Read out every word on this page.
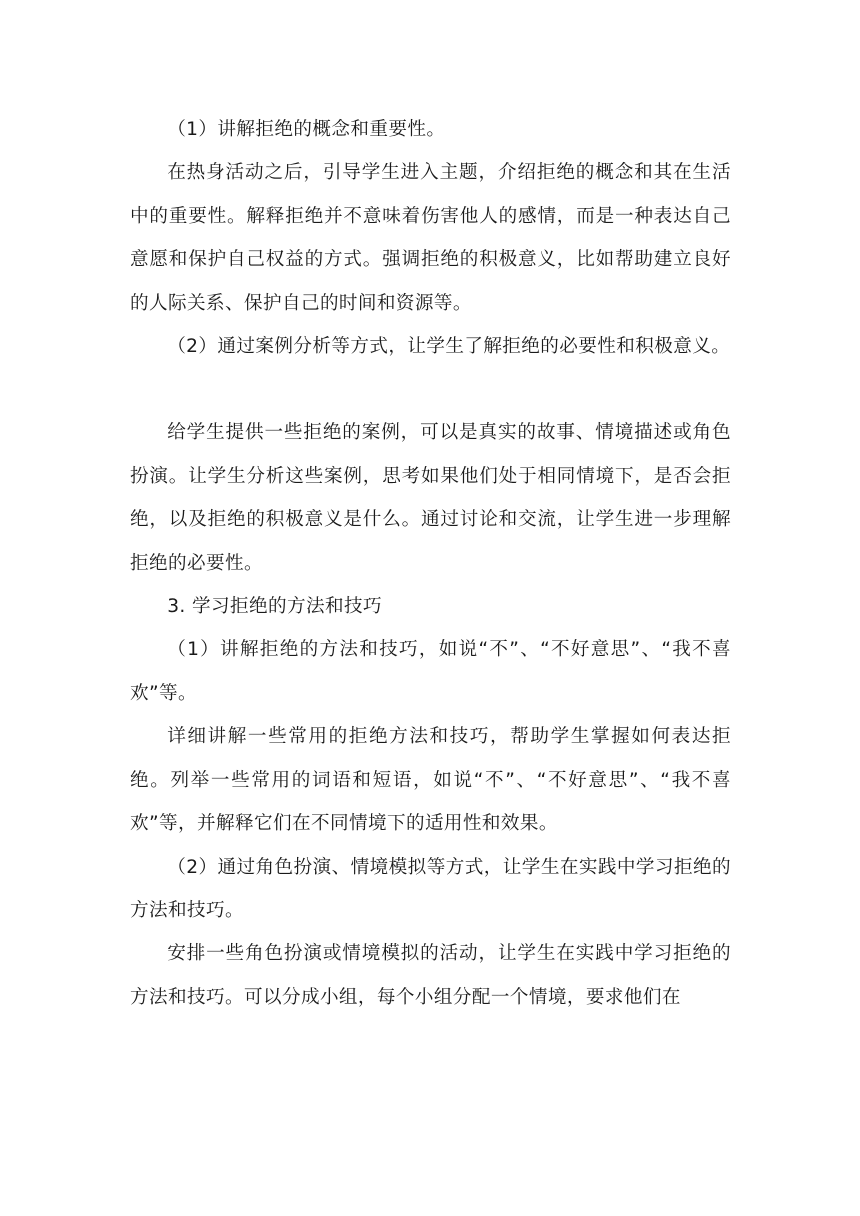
（1）讲解拒绝的概念和重要性。

在热身活动之后，引导学生进入主题，介绍拒绝的概念和其在生活中的重要性。解释拒绝并不意味着伤害他人的感情，而是一种表达自己意愿和保护自己权益的方式。强调拒绝的积极意义，比如帮助建立良好的人际关系、保护自己的时间和资源等。

（2）通过案例分析等方式，让学生了解拒绝的必要性和积极意义。

给学生提供一些拒绝的案例，可以是真实的故事、情境描述或角色扮演。让学生分析这些案例，思考如果他们处于相同情境下，是否会拒绝，以及拒绝的积极意义是什么。通过讨论和交流，让学生进一步理解拒绝的必要性。

3. 学习拒绝的方法和技巧

（1）讲解拒绝的方法和技巧，如说“不”、“不好意思”、“我不喜欢”等。

详细讲解一些常用的拒绝方法和技巧，帮助学生掌握如何表达拒绝。列举一些常用的词语和短语，如说“不”、“不好意思”、“我不喜欢”等，并解释它们在不同情境下的适用性和效果。

（2）通过角色扮演、情境模拟等方式，让学生在实践中学习拒绝的方法和技巧。

安排一些角色扮演或情境模拟的活动，让学生在实践中学习拒绝的方法和技巧。可以分成小组，每个小组分配一个情境，要求他们在
